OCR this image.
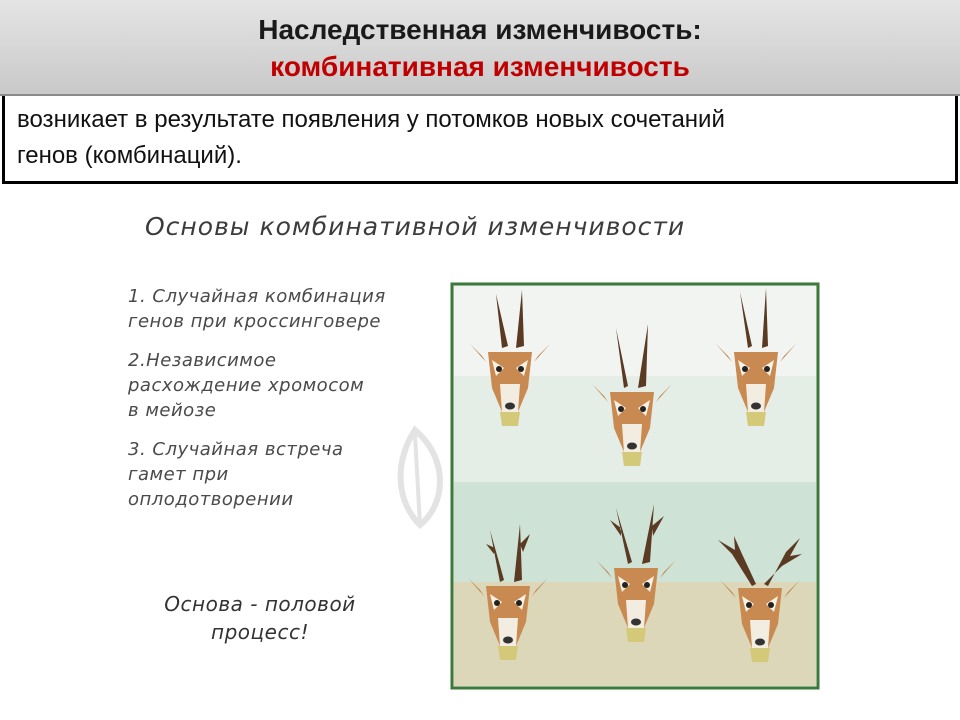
Наследственная изменчивость:
комбинативная изменчивость
возникает в результате появления у потомков новых сочетаний
генов (комбинаций).
Основы комбинативной изменчивости
1. Случайная комбинация
генов при кроссинговере
2.Независимое
расхождение хромосом
в мейозе
3. Случайная встреча
гамет при
оплодотворении
Основа - половой
процесс!
